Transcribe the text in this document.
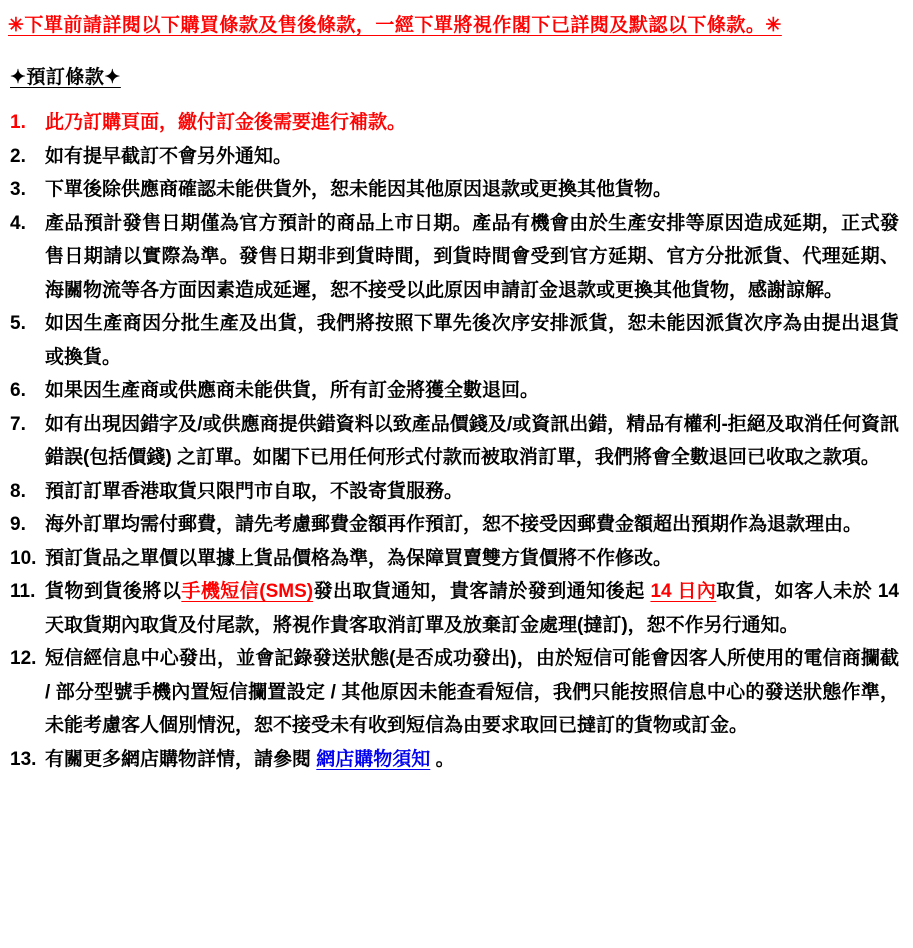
✳下單前請詳閱以下購買條款及售後條款，一經下單將視作閣下已詳閱及默認以下條款。✳

✦預訂條款✦
1.	此乃訂購頁面，繳付訂金後需要進行補款。
2.	如有提早截訂不會另外通知。
3.	下單後除供應商確認未能供貨外，恕未能因其他原因退款或更換其他貨物。
4.	產品預計發售日期僅為官方預計的商品上市日期。產品有機會由於生產安排等原因造成延期，正式發售日期請以實際為準。發售日期非到貨時間，到貨時間會受到官方延期、官方分批派貨、代理延期、海關物流等各方面因素造成延遲，恕不接受以此原因申請訂金退款或更換其他貨物，感謝諒解。
5.	如因生產商因分批生產及出貨，我們將按照下單先後次序安排派貨，恕未能因派貨次序為由提出退貨或換貨。
6.	如果因生產商或供應商未能供貨，所有訂金將獲全數退回。
7.	如有出現因錯字及/或供應商提供錯資料以致產品價錢及/或資訊出錯，精品有權利-拒絕及取消任何資訊錯誤(包括價錢) 之訂單。如閣下已用任何形式付款而被取消訂單，我們將會全數退回已收取之款項。
8.	預訂訂單香港取貨只限門市自取，不設寄貨服務。
9.	海外訂單均需付郵費，請先考慮郵費金額再作預訂，恕不接受因郵費金額超出預期作為退款理由。
10. 預訂貨品之單價以單據上貨品價格為準，為保障買賣雙方貨價將不作修改。
11. 貨物到貨後將以手機短信(SMS)發出取貨通知，貴客請於發到通知後起 14 日內取貨，如客人未於 14 天取貨期內取貨及付尾款，將視作貴客取消訂單及放棄訂金處理(撻訂)，恕不作另行通知。
12. 短信經信息中心發出，並會記錄發送狀態(是否成功發出)，由於短信可能會因客人所使用的電信商攔截 / 部分型號手機內置短信攔置設定 / 其他原因未能查看短信，我們只能按照信息中心的發送狀態作準，未能考慮客人個別情況，恕不接受未有收到短信為由要求取回已撻訂的貨物或訂金。
13. 有關更多網店購物詳情，請參閱 網店購物須知 。
